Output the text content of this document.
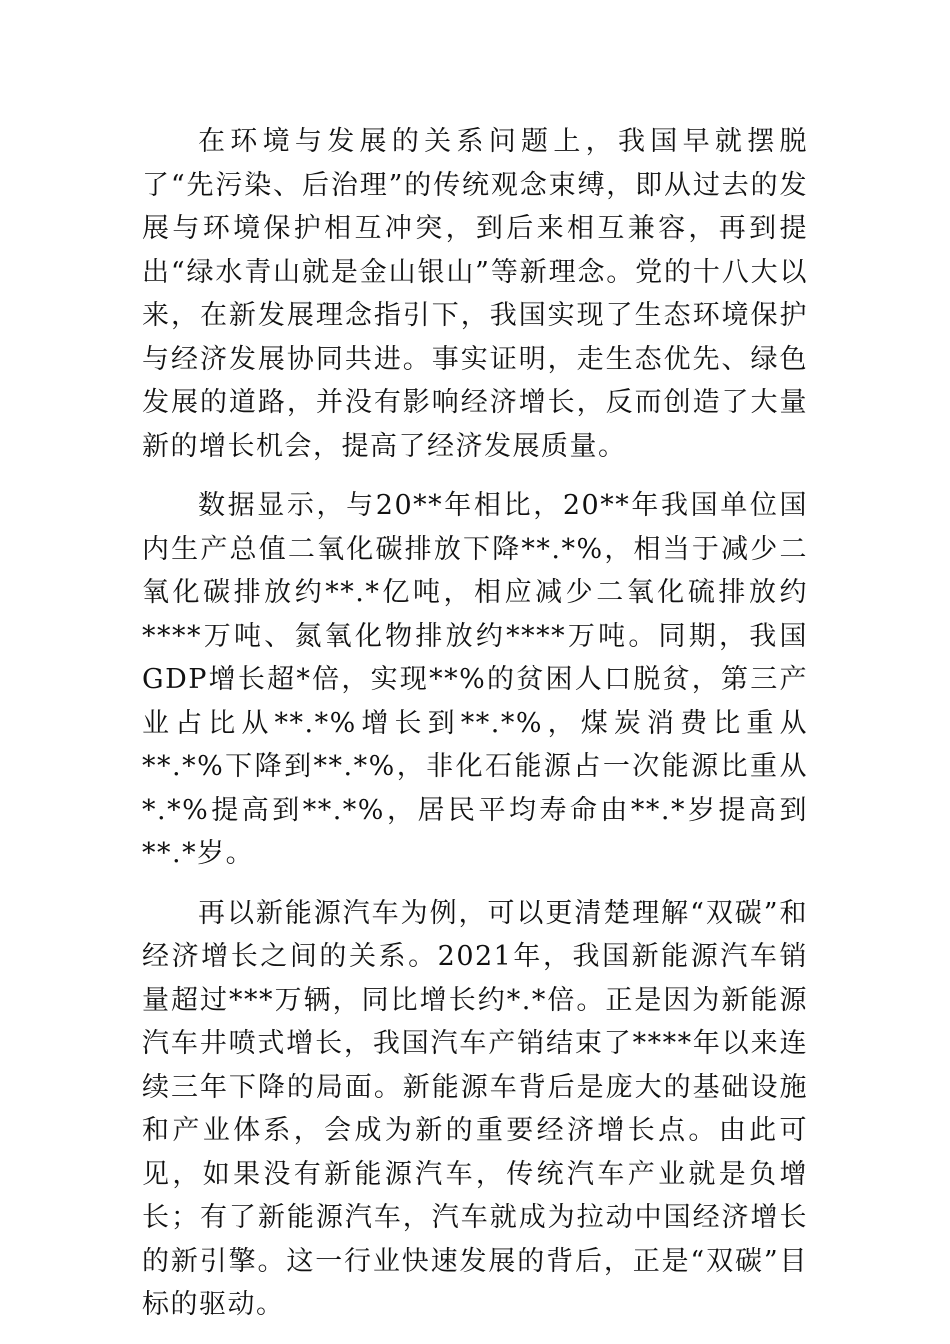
在环境与发展的关系问题上，我国早就摆脱了“先污染、后治理”的传统观念束缚，即从过去的发展与环境保护相互冲突，到后来相互兼容，再到提出“绿水青山就是金山银山”等新理念。党的十八大以来，在新发展理念指引下，我国实现了生态环境保护与经济发展协同共进。事实证明，走生态优先、绿色发展的道路，并没有影响经济增长，反而创造了大量新的增长机会，提高了经济发展质量。

数据显示，与20**年相比，20**年我国单位国内生产总值二氧化碳排放下降**.*%，相当于减少二氧化碳排放约**.*亿吨，相应减少二氧化硫排放约****万吨、氮氧化物排放约****万吨。同期，我国GDP增长超*倍，实现**%的贫困人口脱贫，第三产业占比从**.*%增长到**.*%，煤炭消费比重从**.*%下降到**.*%，非化石能源占一次能源比重从*.*%提高到**.*%，居民平均寿命由**.*岁提高到**.*岁。

再以新能源汽车为例，可以更清楚理解“双碳”和经济增长之间的关系。2021年，我国新能源汽车销量超过***万辆，同比增长约*.*倍。正是因为新能源汽车井喷式增长，我国汽车产销结束了****年以来连续三年下降的局面。新能源车背后是庞大的基础设施和产业体系，会成为新的重要经济增长点。由此可见，如果没有新能源汽车，传统汽车产业就是负增长；有了新能源汽车，汽车就成为拉动中国经济增长的新引擎。这一行业快速发展的背后，正是“双碳”目标的驱动。
